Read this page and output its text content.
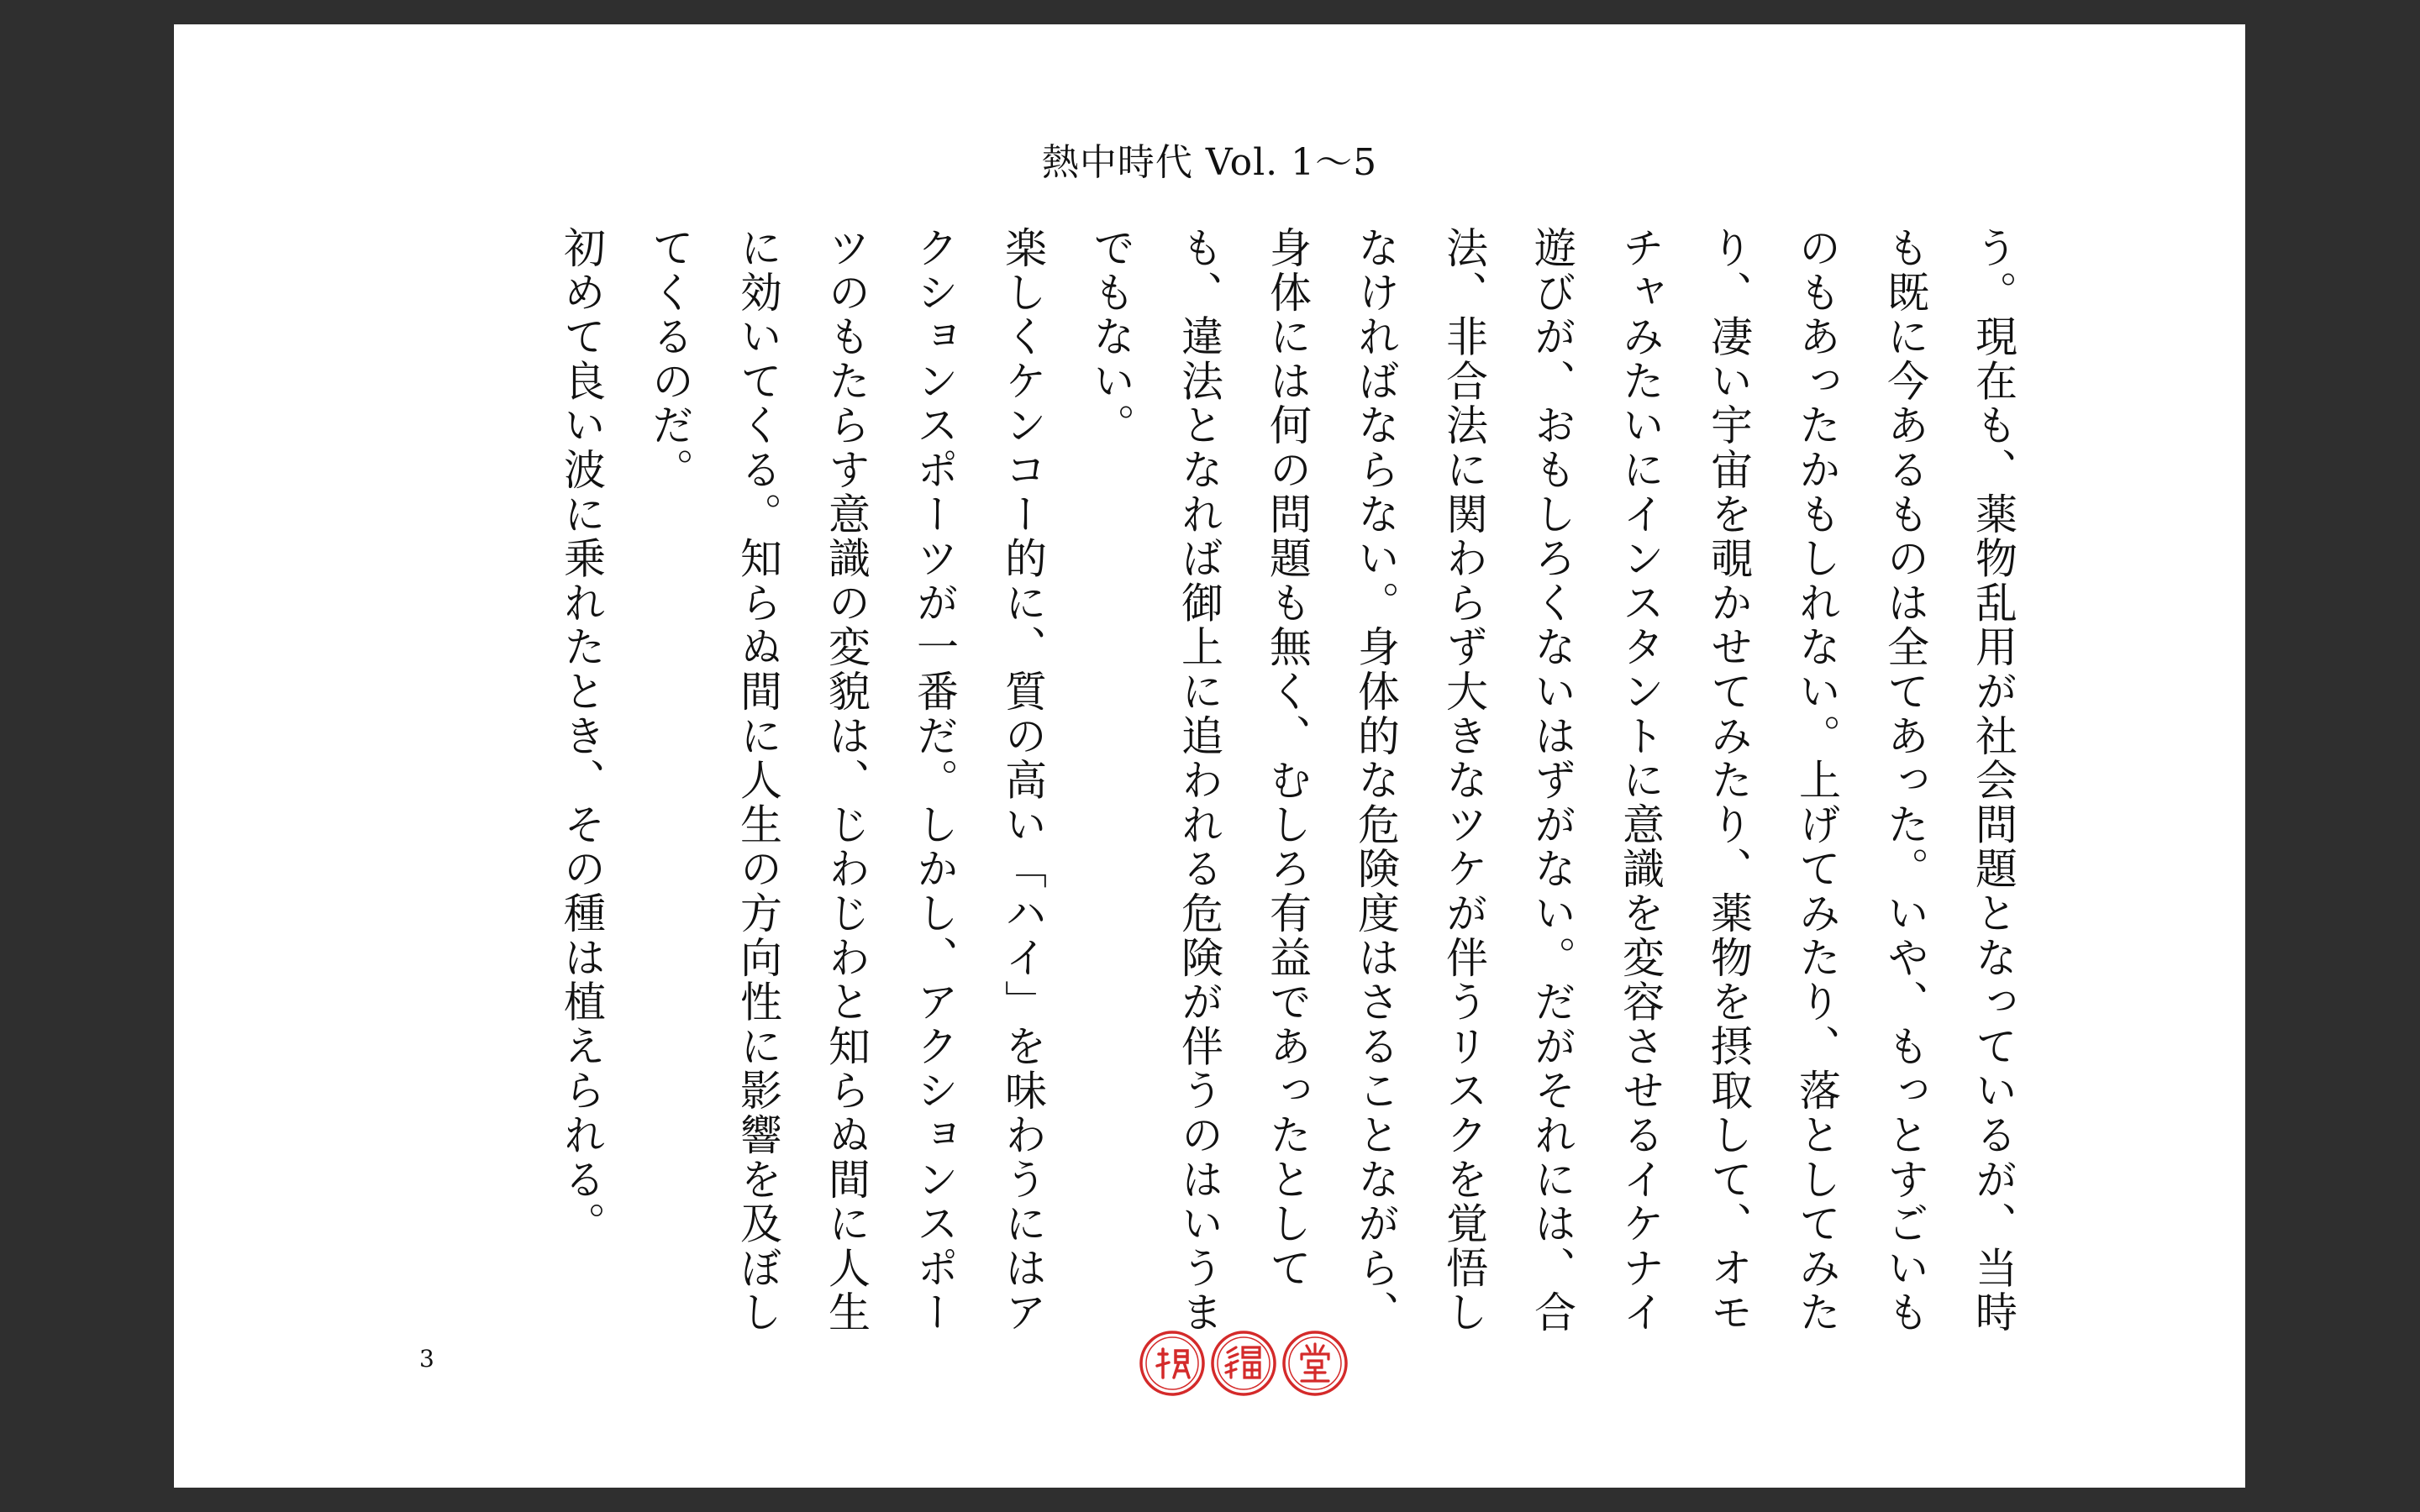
熱中時代 Vol. 1〜5

う。現在も、薬物乱用が社会問題となっているが、当時も既に今あるものは全てあった。いや、もっとすごいものもあったかもしれない。上げてみたり、落としてみたり、凄い宇宙を覗かせてみたり、薬物を摂取して、オモチャみたいにインスタントに意識を変容させるイケナイ遊びが、おもしろくないはずがない。だがそれには、合法、非合法に関わらず大きなツケが伴うリスクを覚悟しなければならない。身体的な危険度はさることながら、身体には何の問題も無く、むしろ有益であったとしても、違法となれば御上に追われる危険が伴うのはいうまでもない。

楽しくケンコー的に、質の高い「ハイ」を味わうにはアクションスポーツが一番だ。しかし、アクションスポーツのもたらす意識の変貌は、じわじわと知らぬ間に人生に効いてくる。知らぬ間に人生の方向性に影響を及ぼしてくるのだ。

初めて良い波に乗れたとき、その種は植えられる。

3
